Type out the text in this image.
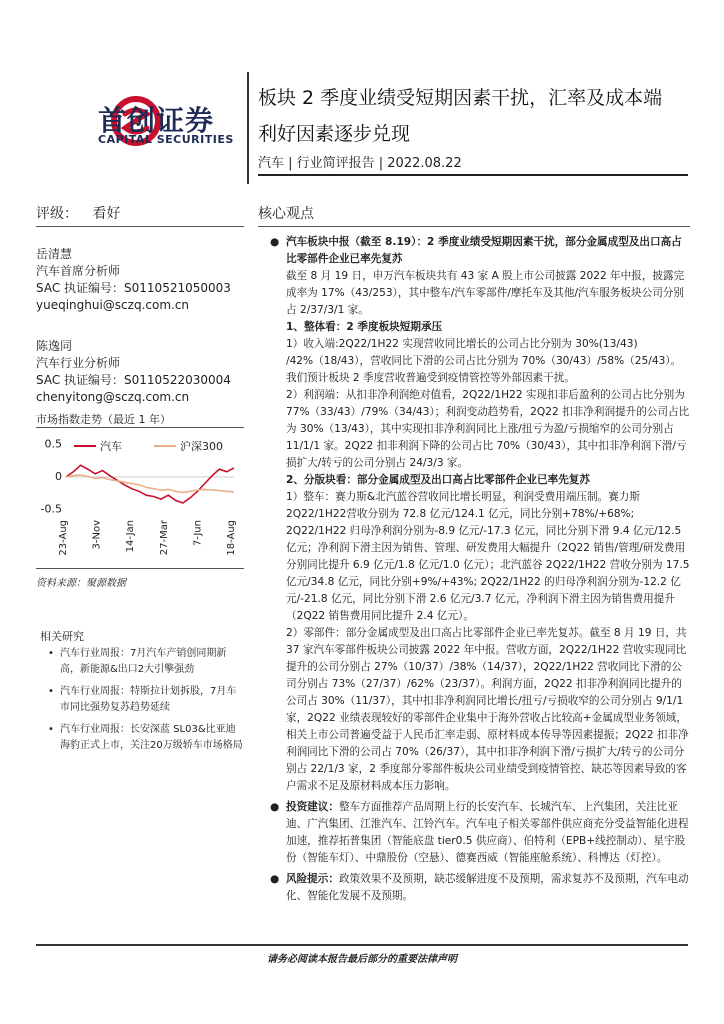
首创证券
CAPITAL SECURITIES
板块 2 季度业绩受短期因素干扰，汇率及成本端
利好因素逐步兑现
汽车 | 行业简评报告 | 2022.08.22
评级： 看好
岳清慧
汽车首席分析师
SAC 执证编号：S0110521050003
yueqinghui@sczq.com.cn
陈逸同
汽车行业分析师
SAC 执证编号：S0110522030004
chenyitong@sczq.com.cn
市场指数走势（最近 1 年）
0.5
0
-0.5
汽车	沪深300
23-Aug 3-Nov 14-Jan 27-Mar 7-Jun 18-Aug
资料来源：聚源数据
相关研究
• 汽车行业周报：7月汽车产销创同期新高，新能源&出口2大引擎强劲
• 汽车行业周报：特斯拉计划拆股，7月车市同比强势复苏趋势延续
• 汽车行业周报：长安深蓝 SL03&比亚迪海豹正式上市，关注20万级轿车市场格局
核心观点

● 汽车板块中报（截至 8.19）：2 季度业绩受短期因素干扰，部分金属成型及出口高占比零部件企业已率先复苏

截至 8 月 19 日，申万汽车板块共有 43 家 A 股上市公司披露 2022 年中报，披露完成率为 17%（43/253），其中整车/汽车零部件/摩托车及其他/汽车服务板块公司分别占 2/37/3/1 家。

1、整体看：2 季度板块短期承压

1）收入端:2Q22/1H22 实现营收同比增长的公司占比分别为 30%(13/43) /42%（18/43），营收同比下滑的公司占比分别为 70%（30/43）/58%（25/43）。我们预计板块 2 季度营收普遍受到疫情管控等外部因素干扰。

2）利润端：从扣非净利润绝对值看，2Q22/1H22 实现扣非后盈利的公司占比分别为 77%（33/43）/79%（34/43）；利润变动趋势看，2Q22 扣非净利润提升的公司占比为 30%（13/43），其中实现扣非净利润同比上涨/扭亏为盈/亏损缩窄的公司分别占 11/1/1 家。2Q22 扣非利润下降的公司占比 70%（30/43），其中扣非净利润下滑/亏损扩大/转亏的公司分别占 24/3/3 家。

2、分版块看：部分金属成型及出口高占比零部件企业已率先复苏

1）整车：赛力斯&北汽蓝谷营收同比增长明显，利润受费用端压制。赛力斯2Q22/1H22营收分别为 72.8 亿元/124.1 亿元，同比分别+78%/+68%; 2Q22/1H22 归母净利润分别为-8.9 亿元/-17.3 亿元，同比分别下滑 9.4 亿元/12.5 亿元；净利润下滑主因为销售、管理、研发费用大幅提升（2Q22 销售/管理/研发费用分别同比提升 6.9 亿元/1.8 亿元/1.0 亿元）；北汽蓝谷 2Q22/1H22 营收分别为 17.5 亿元/34.8 亿元，同比分别+9%/+43%; 2Q22/1H22 的归母净利润分别为-12.2 亿元/-21.8 亿元，同比分别下滑 2.6 亿元/3.7 亿元，净利润下滑主因为销售费用提升（2Q22 销售费用同比提升 2.4 亿元）。

2）零部件：部分金属成型及出口高占比零部件企业已率先复苏。截至 8 月 19 日，共 37 家汽车零部件板块公司披露 2022 年中报。营收方面，2Q22/1H22 营收实现同比提升的公司分别占 27%（10/37）/38%（14/37），2Q22/1H22 营收同比下滑的公司分别占 73%（27/37）/62%（23/37）。利润方面，2Q22 扣非净利润同比提升的公司占 30%（11/37），其中扣非净利润同比增长/扭亏/亏损收窄的公司分别占 9/1/1 家，2Q22 业绩表现较好的零部件企业集中于海外营收占比较高+金属成型业务领域，相关上市公司普遍受益于人民币汇率走弱、原材料成本传导等因素提振；2Q22 扣非净利润同比下滑的公司占 70%（26/37），其中扣非净利润下滑/亏损扩大/转亏的公司分别占 22/1/3 家，2 季度部分零部件板块公司业绩受到疫情管控、缺芯等因素导致的客户需求不足及原材料成本压力影响。

● 投资建议：整车方面推荐产品周期上行的长安汽车、长城汽车、上汽集团，关注比亚迪、广汽集团、江淮汽车、江铃汽车。汽车电子相关零部件供应商充分受益智能化进程加速，推荐拓普集团（智能底盘 tier0.5 供应商）、伯特利（EPB+线控制动）、星宇股份（智能车灯）、中鼎股份（空悬）、德赛西威（智能座舱系统）、科博达（灯控）。

● 风险提示：政策效果不及预期，缺芯缓解进度不及预期，需求复苏不及预期，汽车电动化、智能化发展不及预期。

请务必阅读本报告最后部分的重要法律声明
